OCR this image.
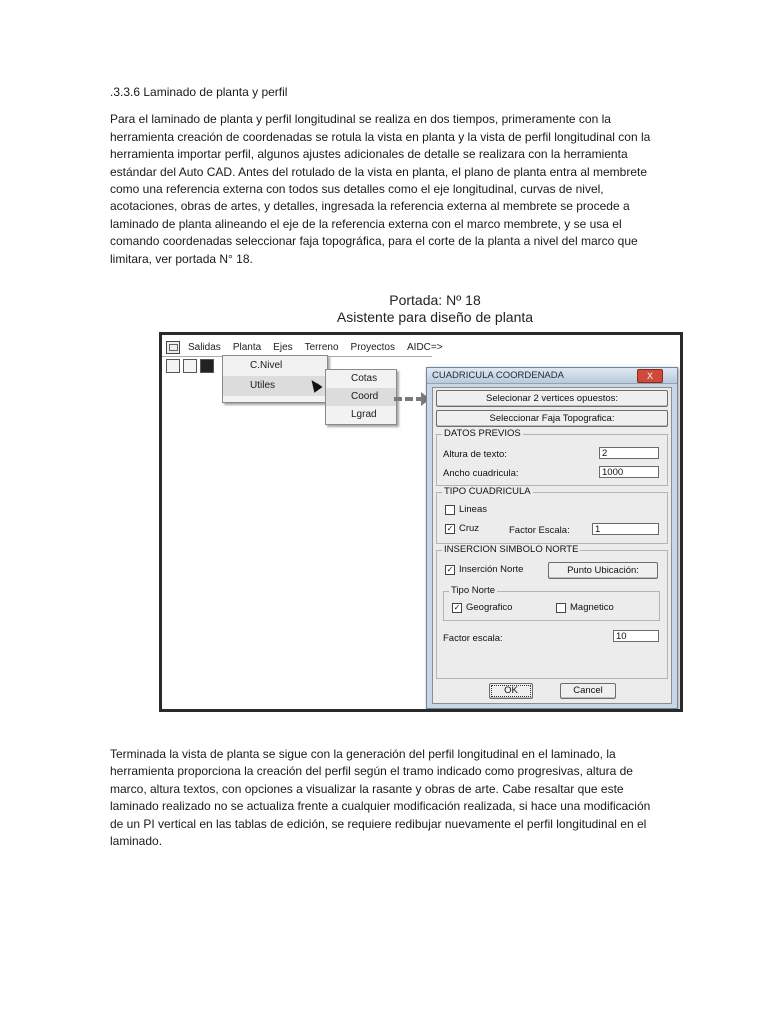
.3.3.6 Laminado de planta y perfil

Para el laminado de planta y perfil longitudinal se realiza en dos tiempos, primeramente con la herramienta creación de coordenadas se rotula la vista en planta y la vista de perfil longitudinal con la herramienta importar perfil, algunos ajustes adicionales de detalle se realizara con la herramienta estándar del Auto CAD. Antes del rotulado de la vista en planta, el plano de planta entra al membrete como una referencia externa con todos sus detalles como el eje longitudinal, curvas de nivel, acotaciones, obras de artes, y detalles, ingresada la referencia externa al membrete se procede a laminado de planta alineando el eje de la referencia externa con el marco membrete, y se usa el comando coordenadas seleccionar faja topográfica, para el corte de la planta a nivel del marco que limitara, ver portada N° 18.

Portada: Nº 18
Asistente para diseño de planta
Salidas	Planta	Ejes	Terreno	Proyectos	AIDC=>
C.Nivel
Utiles
Cotas
Coord
Lgrad
CUADRICULA COORDENADA	X
Selecionar 2 vertices opuestos:
Seleccionar Faja Topografica:
DATOS PREVIOS
Altura de texto:	2
Ancho cuadricula:	1000
TIPO CUADRICULA
Lineas
✓ Cruz	Factor Escala:	1
INSERCION SIMBOLO NORTE
✓ Inserción Norte	Punto Ubicación:
Tipo Norte
✓ Geografico	Magnetico
Factor escala:	10
OK	Cancel

Terminada la vista de planta se sigue con la generación del perfil longitudinal en el laminado, la herramienta proporciona la creación del perfil según el tramo indicado como progresivas, altura de marco, altura textos, con opciones a visualizar la rasante y obras de arte. Cabe resaltar que este laminado realizado no se actualiza frente a cualquier modificación realizada, si hace una modificación de un PI vertical en las tablas de edición, se requiere redibujar nuevamente el perfil longitudinal en el laminado.
